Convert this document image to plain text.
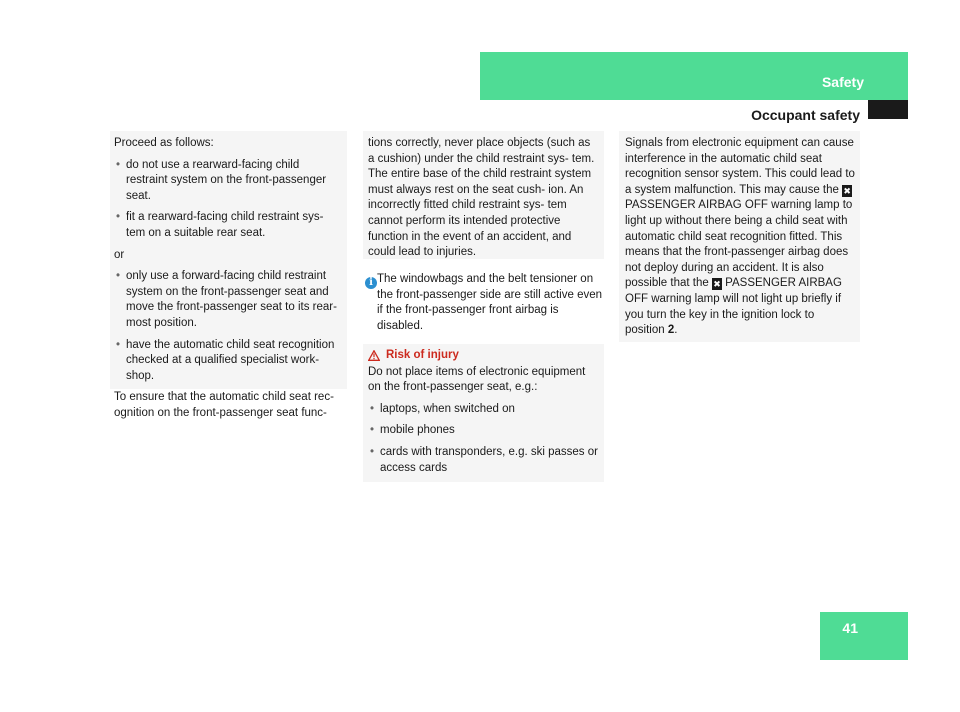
Safety
Occupant safety

Proceed as follows:

• do not use a rearward-facing child restraint system on the front-passenger seat.

• fit a rearward-facing child restraint sys- tem on a suitable rear seat.

or

• only use a forward-facing child restraint system on the front-passenger seat and move the front-passenger seat to its rear- most position.

• have the automatic child seat recognition checked at a qualified specialist work- shop.

To ensure that the automatic child seat rec- ognition on the front-passenger seat func-

tions correctly, never place objects (such as a cushion) under the child restraint sys- tem. The entire base of the child restraint system must always rest on the seat cush- ion. An incorrectly fitted child restraint sys- tem cannot perform its intended protective function in the event of an accident, and could lead to injuries.

i The windowbags and the belt tensioner on the front-passenger side are still active even if the front-passenger front airbag is disabled.
Risk of injury

Do not place items of electronic equipment on the front-passenger seat, e.g.:

• laptops, when switched on

• mobile phones

• cards with transponders, e.g. ski passes or access cards

Signals from electronic equipment can cause interference in the automatic child seat recognition sensor system. This could lead to a system malfunction. This may cause the ✖ PASSENGER AIRBAG OFF warning lamp to light up without there being a child seat with automatic child seat recognition fitted. This means that the front-passenger airbag does not deploy during an accident. It is also possible that the ✖ PASSENGER AIRBAG OFF warning lamp will not light up briefly if you turn the key in the ignition lock to position 2.

41
